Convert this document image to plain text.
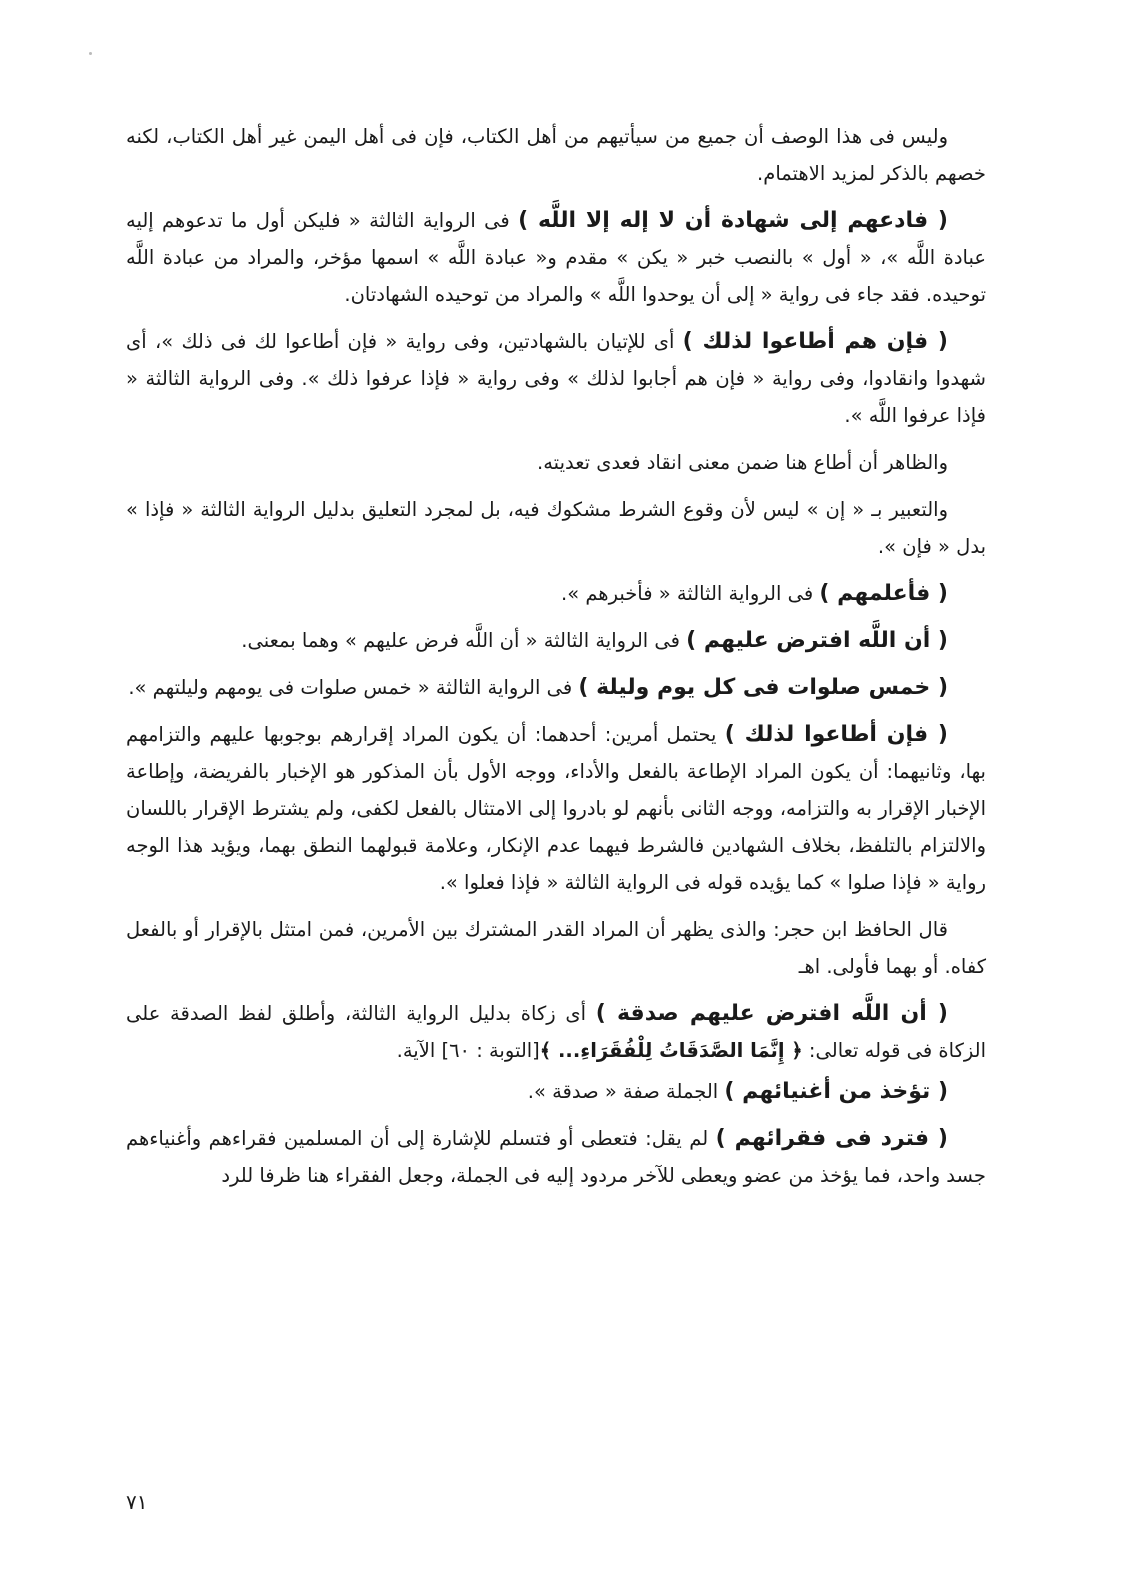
وليس فى هذا الوصف أن جميع من سيأتيهم من أهل الكتاب، فإن فى أهل اليمن غير أهل الكتاب، لكنه خصهم بالذكر لمزيد الاهتمام.

( فادعهم إلى شهادة أن لا إله إلا اللَّه ) فى الرواية الثالثة « فليكن أول ما تدعوهم إليه عبادة اللَّه »، « أول » بالنصب خبر « يكن » مقدم و« عبادة اللَّه » اسمها مؤخر، والمراد من عبادة اللَّه توحيده. فقد جاء فى رواية « إلى أن يوحدوا اللَّه » والمراد من توحيده الشهادتان.

( فإن هم أطاعوا لذلك ) أى للإتيان بالشهادتين، وفى رواية « فإن أطاعوا لك فى ذلك »، أى شهدوا وانقادوا، وفى رواية « فإن هم أجابوا لذلك » وفى رواية « فإذا عرفوا ذلك ». وفى الرواية الثالثة « فإذا عرفوا اللَّه ».

والظاهر أن أطاع هنا ضمن معنى انقاد فعدى تعديته.

والتعبير بـ « إن » ليس لأن وقوع الشرط مشكوك فيه، بل لمجرد التعليق بدليل الرواية الثالثة « فإذا » بدل « فإن ».

( فأعلمهم ) فى الرواية الثالثة « فأخبرهم ».

( أن اللَّه افترض عليهم ) فى الرواية الثالثة « أن اللَّه فرض عليهم » وهما بمعنى.

( خمس صلوات فى كل يوم وليلة ) فى الرواية الثالثة « خمس صلوات فى يومهم وليلتهم ».

( فإن أطاعوا لذلك ) يحتمل أمرين: أحدهما: أن يكون المراد إقرارهم بوجوبها عليهم والتزامهم بها، وثانيهما: أن يكون المراد الإطاعة بالفعل والأداء، ووجه الأول بأن المذكور هو الإخبار بالفريضة، وإطاعة الإخبار الإقرار به والتزامه، ووجه الثانى بأنهم لو بادروا إلى الامتثال بالفعل لكفى، ولم يشترط الإقرار باللسان والالتزام بالتلفظ، بخلاف الشهادين فالشرط فيهما عدم الإنكار، وعلامة قبولهما النطق بهما، ويؤيد هذا الوجه رواية « فإذا صلوا » كما يؤيده قوله فى الرواية الثالثة « فإذا فعلوا ».

قال الحافظ ابن حجر: والذى يظهر أن المراد القدر المشترك بين الأمرين، فمن امتثل بالإقرار أو بالفعل كفاه. أو بهما فأولى. اهـ

( أن اللَّه افترض عليهم صدقة ) أى زكاة بدليل الرواية الثالثة، وأطلق لفظ الصدقة على الزكاة فى قوله تعالى: ﴿ إِنَّمَا الصَّدَقَاتُ لِلْفُقَرَاءِ... ﴾[التوبة : ٦٠] الآية.

( تؤخذ من أغنيائهم ) الجملة صفة « صدقة ».

( فترد فى فقرائهم ) لم يقل: فتعطى أو فتسلم للإشارة إلى أن المسلمين فقراءهم وأغنياءهم جسد واحد، فما يؤخذ من عضو ويعطى للآخر مردود إليه فى الجملة، وجعل الفقراء هنا ظرفا للرد

٧١
